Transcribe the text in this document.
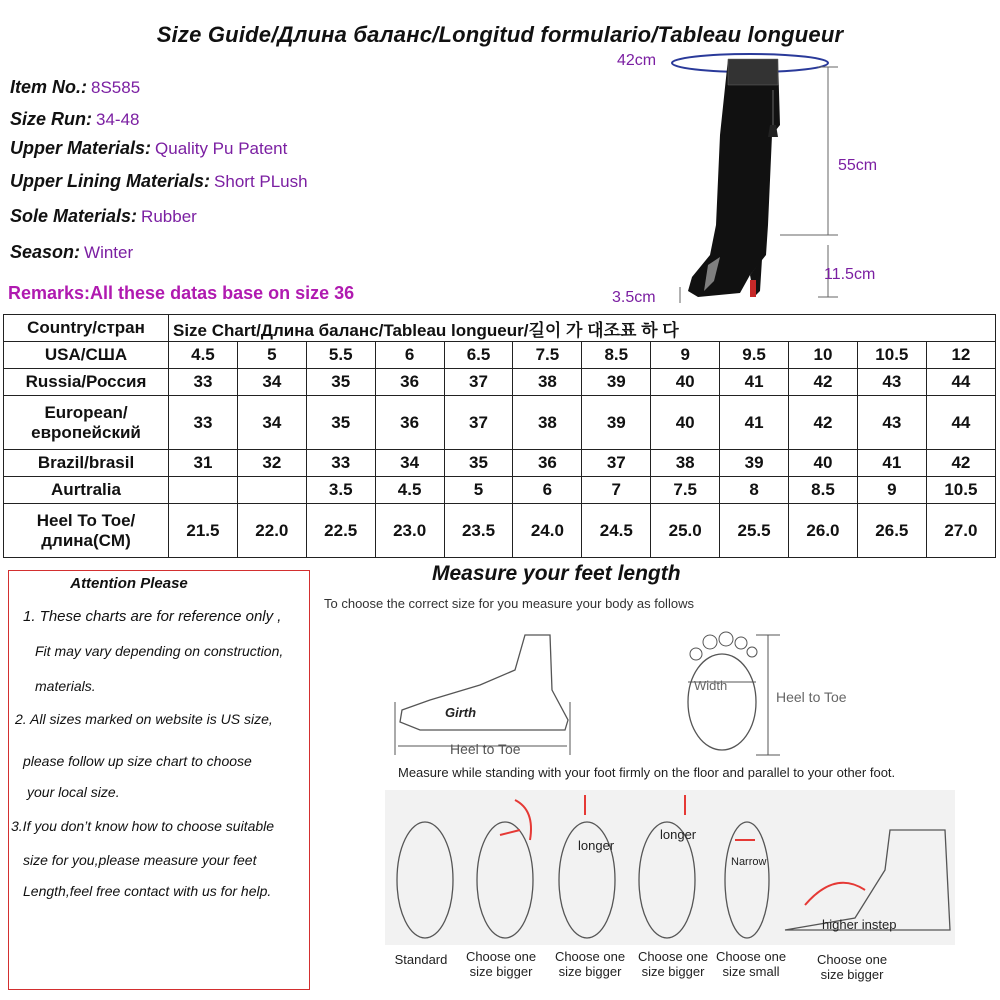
Size Guide/Длина баланс/Longitud formulario/Tableau longueur
Item No.: 8S585
Size Run: 34-48
Upper Materials: Quality Pu Patent
Upper Lining Materials: Short PLush
Sole Materials: Rubber
Season: Winter
Remarks:All these datas base on size 36
42cm
55cm
11.5cm
3.5cm
Country/стран	Size Chart/Длина баланс/Tableau longueur/길이 가 대조표 하 다											
USA/США	4.5	5	5.5	6	6.5	7.5	8.5	9	9.5	10	10.5	12
Russia/Россия	33	34	35	36	37	38	39	40	41	42	43	44
European/европейский	33	34	35	36	37	38	39	40	41	42	43	44
Brazil/brasil	31	32	33	34	35	36	37	38	39	40	41	42
Aurtralia			3.5	4.5	5	6	7	7.5	8	8.5	9	10.5
Heel To Toe/длина(CM)	21.5	22.0	22.5	23.0	23.5	24.0	24.5	25.0	25.5	26.0	26.5	27.0
Attention Please
1. These charts are for reference only ,
Fit may vary depending on construction,
materials.
2. All sizes marked on website is US size,
please follow up size chart to choose
your local size.
3.If you don’t know how to choose suitable
size for you,please measure your feet
Length,feel free contact with us for help.
Measure your feet length
To choose the correct size for you measure your body as follows
Girth
Heel to Toe
Width
Heel to Toe
Measure while standing with your foot firmly on the floor and parallel to your other foot.
longer
longer
Narrow
higher instep
Standard	Choose one size bigger
Choose one size bigger
Choose one size bigger
Choose one size small
Choose one size bigger
